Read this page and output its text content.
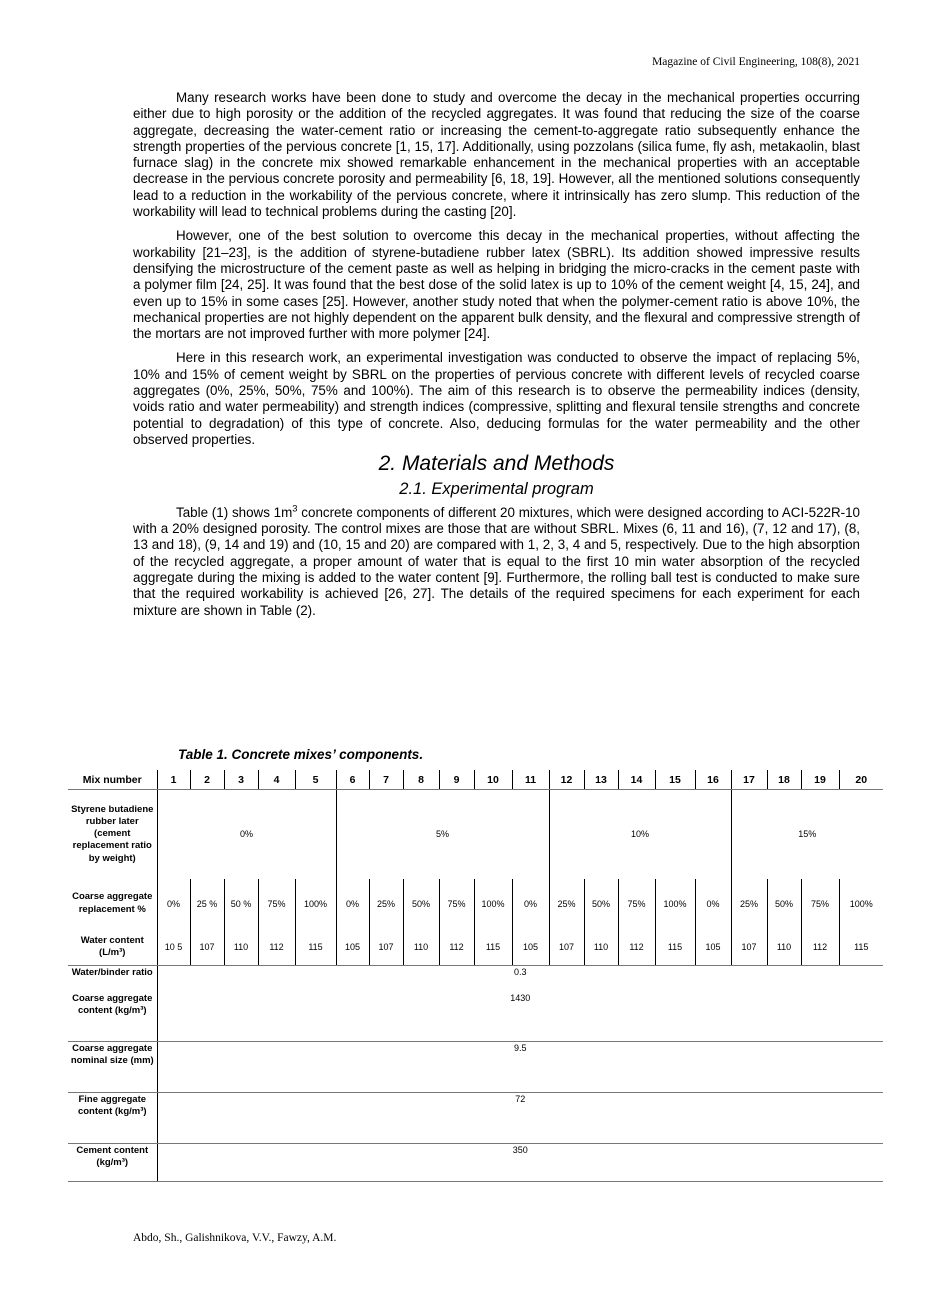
Magazine of Civil Engineering, 108(8), 2021

Many research works have been done to study and overcome the decay in the mechanical properties occurring either due to high porosity or the addition of the recycled aggregates. It was found that reducing the size of the coarse aggregate, decreasing the water-cement ratio or increasing the cement-to-aggregate ratio subsequently enhance the strength properties of the pervious concrete [1, 15, 17]. Additionally, using pozzolans (silica fume, fly ash, metakaolin, blast furnace slag) in the concrete mix showed remarkable enhancement in the mechanical properties with an acceptable decrease in the pervious concrete porosity and permeability [6, 18, 19]. However, all the mentioned solutions consequently lead to a reduction in the workability of the pervious concrete, where it intrinsically has zero slump. This reduction of the workability will lead to technical problems during the casting [20].

However, one of the best solution to overcome this decay in the mechanical properties, without affecting the workability [21–23], is the addition of styrene-butadiene rubber latex (SBRL). Its addition showed impressive results densifying the microstructure of the cement paste as well as helping in bridging the micro-cracks in the cement paste with a polymer film [24, 25]. It was found that the best dose of the solid latex is up to 10% of the cement weight [4, 15, 24], and even up to 15% in some cases [25]. However, another study noted that when the polymer-cement ratio is above 10%, the mechanical properties are not highly dependent on the apparent bulk density, and the flexural and compressive strength of the mortars are not improved further with more polymer [24].

Here in this research work, an experimental investigation was conducted to observe the impact of replacing 5%, 10% and 15% of cement weight by SBRL on the properties of pervious concrete with different levels of recycled coarse aggregates (0%, 25%, 50%, 75% and 100%). The aim of this research is to observe the permeability indices (density, voids ratio and water permeability) and strength indices (compressive, splitting and flexural tensile strengths and concrete potential to degradation) of this type of concrete. Also, deducing formulas for the water permeability and the other observed properties.

2. Materials and Methods
2.1. Experimental program

Table (1) shows $1m^3$ concrete components of different 20 mixtures, which were designed according to ACI-522R-10 with a 20% designed porosity. The control mixes are those that are without SBRL. Mixes (6, 11 and 16), (7, 12 and 17), (8, 13 and 18), (9, 14 and 19) and (10, 15 and 20) are compared with 1, 2, 3, 4 and 5, respectively. Due to the high absorption of the recycled aggregate, a proper amount of water that is equal to the first 10 min water absorption of the recycled aggregate during the mixing is added to the water content [9]. Furthermore, the rolling ball test is conducted to make sure that the required workability is achieved [26, 27]. The details of the required specimens for each experiment for each mixture are shown in Table (2).

Table 1. Concrete mixes’ components.
Mix number	1	2	3	4	5	6	7	8	9	10	11	12	13	14	15	16	17	18	19	20
Styrene butadiene rubber later (cement replacement ratio by weight)	0%					5%						10%					15%			
Coarse aggregate replacement %	0%	25 %	50 %	75%	100%	0%	25%	50%	75%	100%	0%	25%	50%	75%	100%	0%	25%	50%	75%	100%
Water content (L/m³)	10 5	107	110	112	115	105	107	110	112	115	105	107	110	112	115	105	107	110	112	115
Water/binder ratio	0.3																			
Coarse aggregate content (kg/m³)	1430																			
Coarse aggregate nominal size (mm)	9.5																			
Fine aggregate content (kg/m³)	72																			
Cement content (kg/m³)	350																			
Abdo, Sh., Galishnikova, V.V., Fawzy, A.M.
